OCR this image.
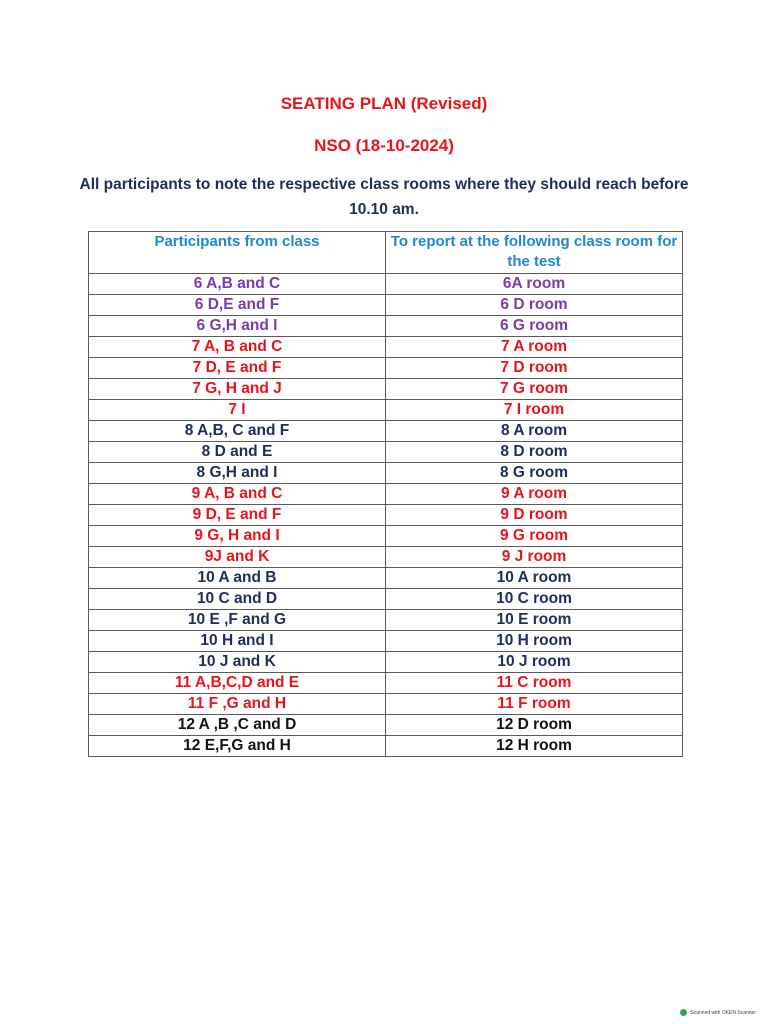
SEATING PLAN (Revised)
NSO (18-10-2024)
All participants to note the respective class rooms where they should reach before 10.10 am.
Participants from class	To report at the following class room for the test
6 A,B and C	6A room
6 D,E and F	6 D room
6 G,H and I	6 G room
7 A, B and C	7 A room
7 D, E and F	7 D room
7 G, H and J	7 G room
7 I	7 I room
8 A,B, C and F	8 A room
8 D and E	8 D room
8 G,H and I	8 G room
9 A, B and C	9 A room
9 D, E and F	9 D room
9 G, H and I	9 G room
9J and K	9 J room
10 A and B	10 A room
10 C and D	10 C room
10 E ,F and G	10 E room
10 H and I	10 H room
10 J and K	10 J room
11 A,B,C,D and E	11 C room
11 F ,G and H	11 F room
12 A ,B ,C and D	12 D room
12 E,F,G and H	12 H room
Scanned with OKEN Scanner
